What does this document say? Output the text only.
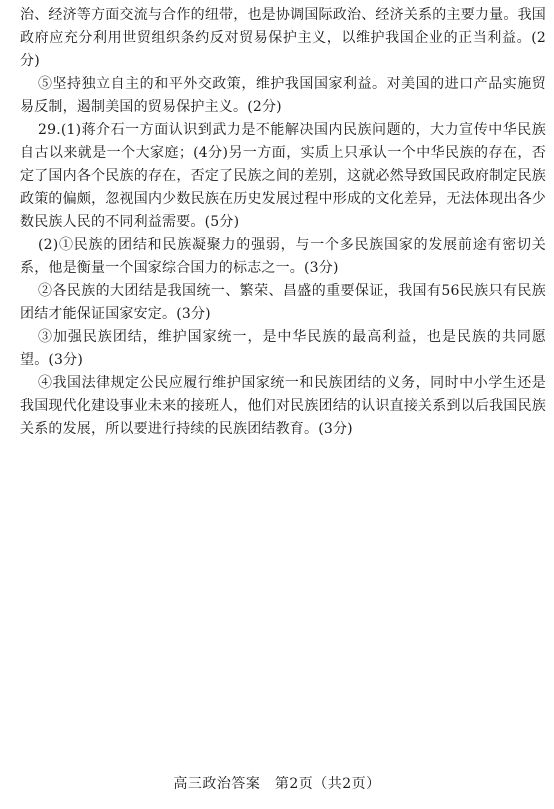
治、经济等方面交流与合作的纽带，也是协调国际政治、经济关系的主要力量。我国政府应充分利用世贸组织条约反对贸易保护主义，以维护我国企业的正当利益。(2分)

⑤坚持独立自主的和平外交政策，维护我国国家利益。对美国的进口产品实施贸易反制，遏制美国的贸易保护主义。(2分)

29.(1)蒋介石一方面认识到武力是不能解决国内民族问题的，大力宣传中华民族自古以来就是一个大家庭；(4分)另一方面，实质上只承认一个中华民族的存在，否定了国内各个民族的存在，否定了民族之间的差别，这就必然导致国民政府制定民族政策的偏颇，忽视国内少数民族在历史发展过程中形成的文化差异，无法体现出各少数民族人民的不同利益需要。(5分)

(2)①民族的团结和民族凝聚力的强弱，与一个多民族国家的发展前途有密切关系，他是衡量一个国家综合国力的标志之一。(3分)

②各民族的大团结是我国统一、繁荣、昌盛的重要保证，我国有56民族只有民族团结才能保证国家安定。(3分)

③加强民族团结，维护国家统一，是中华民族的最高利益，也是民族的共同愿望。(3分)

④我国法律规定公民应履行维护国家统一和民族团结的义务，同时中小学生还是我国现代化建设事业未来的接班人，他们对民族团结的认识直接关系到以后我国民族关系的发展，所以要进行持续的民族团结教育。(3分)

高三政治答案　第2页（共2页）
